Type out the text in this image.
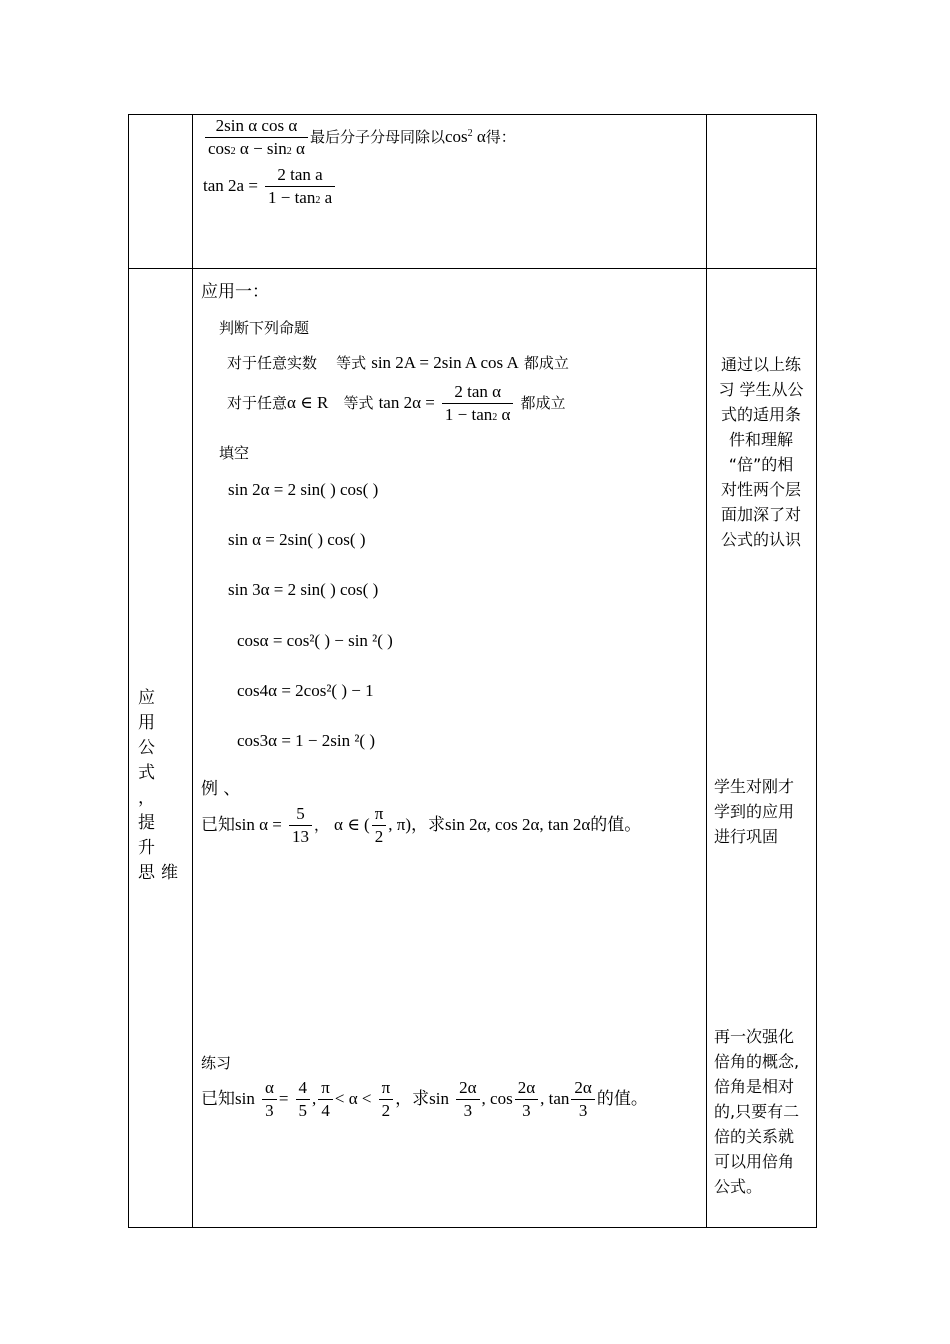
$\frac{\text{2sin α cos α}}{\cos 2 \alpha - \sin 2 \alpha}$ 最后分子分母同除以$\cos^2 \alpha$得：
$\tan 2a = \frac{\text{2 tan a}}{1 - \tan 2 a}$
应 用
公
式 ，
提 升
思维
应用一：
判断下列命题
对于任意实数 等式 sin 2A = 2sin A cos A 都成立
对于任意α ∈ R 等式 $\tan 2\alpha = \frac{\text{2 tan α}}{1 - \tan 2 \alpha}$ 都成立
填空
sin 2α = 2 sin( ) cos( )
sin α = 2sin( ) cos( )
sin 3α = 2 sin( ) cos( )
cosα = cos²( ) − sin ²( )
cos4α = 2cos²( ) − 1
cos3α = 1 − 2sin ²( )
例 、
已知$\sin \alpha = \frac{5}{13}$ ， α ∈ ( $\frac{\pi}{2}$ , π)，求sin 2α, cos 2α, tan 2α的值。
练习
已知$\sin \frac{\alpha}{3} = \frac{4}{5}$ , $\frac{\pi}{4} < \alpha < \frac{\pi}{2}$ ，求$\sin \frac{2\alpha}{3}$ , $\cos \frac{2\alpha}{3}$ , $\tan \frac{2\alpha}{3}$ 的值。
通过以上练
习 学生从公
式的适用条
件和理解
“倍”的相
对性两个层
面加深了对
公式的认识
学生对刚才
学到的应用
进行巩固
再一次强化
倍角的概念,
倍角是相对
的,只要有二
倍的关系就
可以用倍角
公式。
